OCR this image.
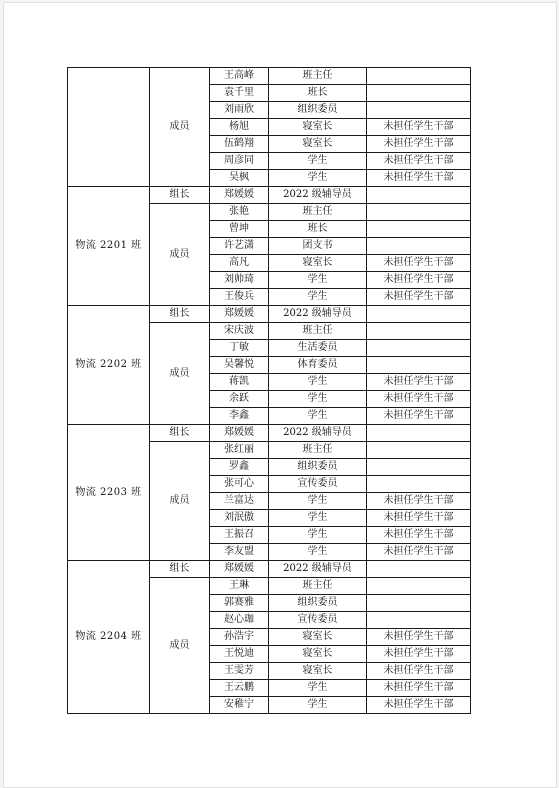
	成员	王高峰	班主任	
		袁千里	班长	
		刘雨欣	组织委员	
		杨旭	寝室长	未担任学生干部
		伍鹤翔	寝室长	未担任学生干部
		周彦同	学生	未担任学生干部
		吴枫	学生	未担任学生干部
物流 2201 班	组长	郑媛媛	2022 级辅导员	
	成员	张艳	班主任	
		曾坤	班长	
		许艺潇	团支书	
		高凡	寝室长	未担任学生干部
		刘帅琦	学生	未担任学生干部
		王俊兵	学生	未担任学生干部
物流 2202 班	组长	郑媛媛	2022 级辅导员	
	成员	宋庆波	班主任	
		丁敏	生活委员	
		吴馨悦	体育委员	
		蒋凯	学生	未担任学生干部
		余跃	学生	未担任学生干部
		李鑫	学生	未担任学生干部
物流 2203 班	组长	郑媛媛	2022 级辅导员	
	成员	张红丽	班主任	
		罗鑫	组织委员	
		张可心	宣传委员	
		兰富达	学生	未担任学生干部
		刘泯傲	学生	未担任学生干部
		王振召	学生	未担任学生干部
		李友盟	学生	未担任学生干部
物流 2204 班	组长	郑媛媛	2022 级辅导员	
	成员	王琳	班主任	
		郭赛雅	组织委员	
		赵心珈	宣传委员	
		孙浩宇	寝室长	未担任学生干部
		王悦迪	寝室长	未担任学生干部
		王雯芳	寝室长	未担任学生干部
		王云鹏	学生	未担任学生干部
		安稚宁	学生	未担任学生干部
